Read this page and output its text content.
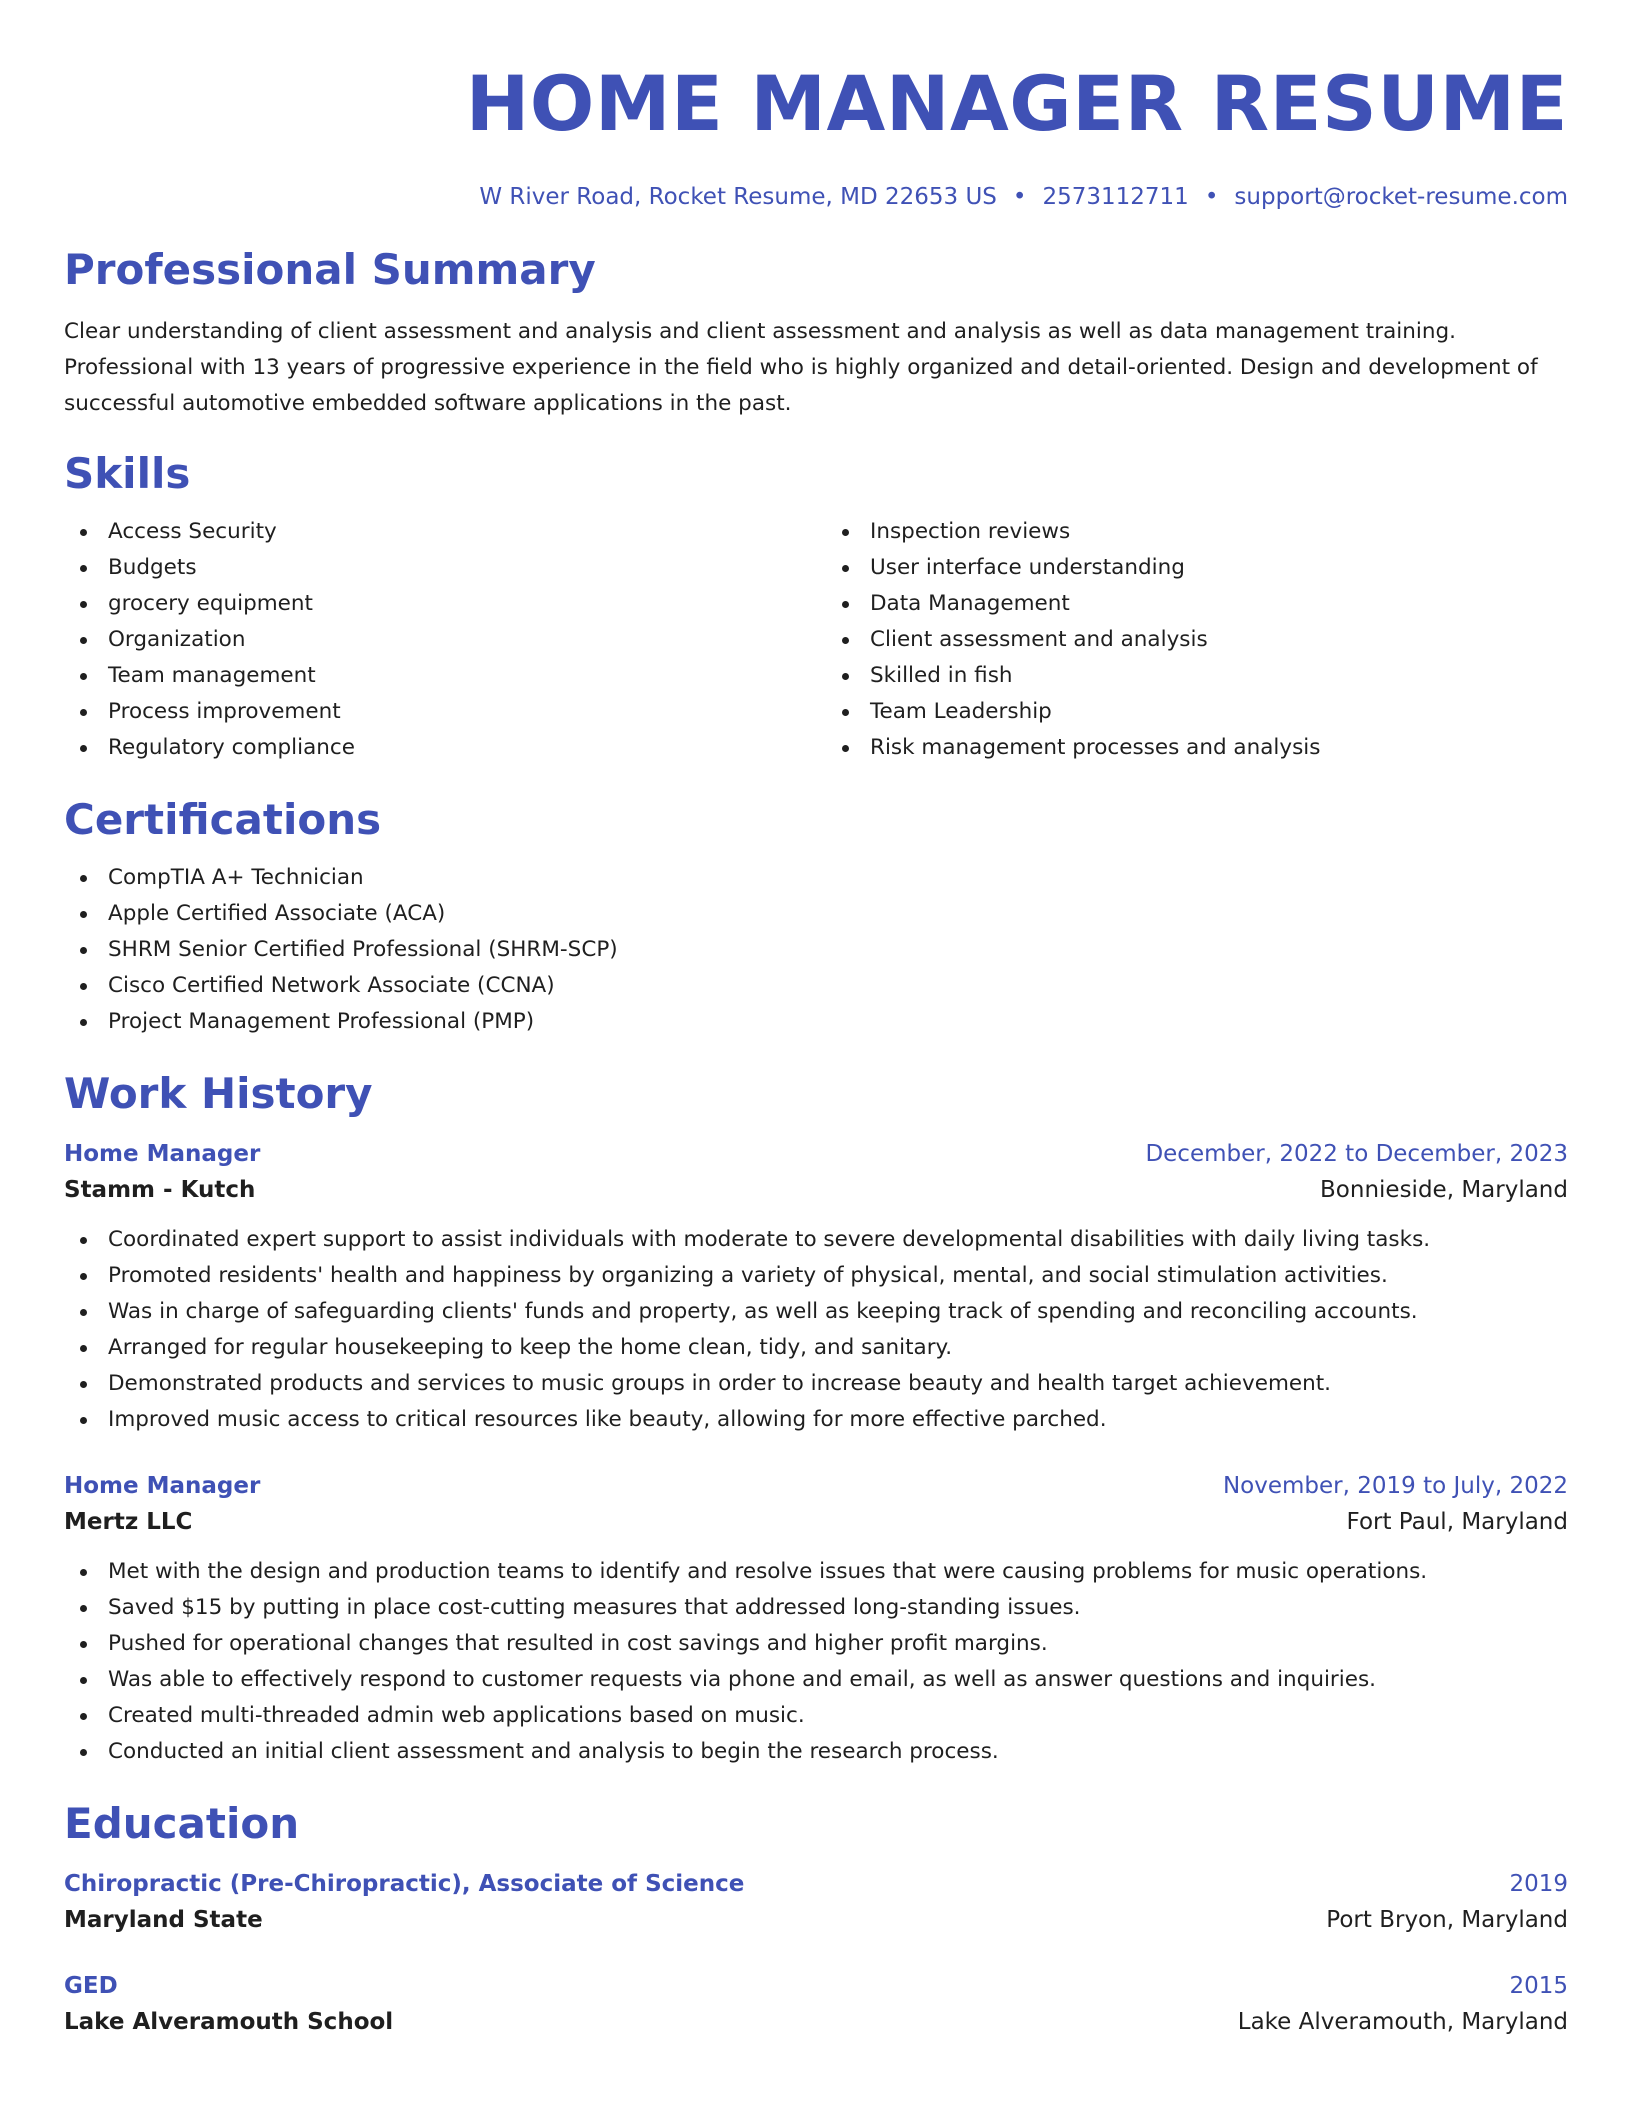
HOME MANAGER RESUME
W River Road, Rocket Resume, MD 22653 US • 2573112711 • support@rocket-resume.com
Professional Summary

Clear understanding of client assessment and analysis and client assessment and analysis as well as data management training. Professional with 13 years of progressive experience in the field who is highly organized and detail-oriented. Design and development of successful automotive embedded software applications in the past.

Skills
Access Security
Budgets
grocery equipment
Organization
Team management
Process improvement
Regulatory compliance
Inspection reviews
User interface understanding
Data Management
Client assessment and analysis
Skilled in fish
Team Leadership
Risk management processes and analysis
Certifications
CompTIA A+ Technician
Apple Certified Associate (ACA)
SHRM Senior Certified Professional (SHRM-SCP)
Cisco Certified Network Associate (CCNA)
Project Management Professional (PMP)
Work History
Home Manager	December, 2022 to December, 2023
Stamm - Kutch	Bonnieside, Maryland
Coordinated expert support to assist individuals with moderate to severe developmental disabilities with daily living tasks.
Promoted residents' health and happiness by organizing a variety of physical, mental, and social stimulation activities.
Was in charge of safeguarding clients' funds and property, as well as keeping track of spending and reconciling accounts.
Arranged for regular housekeeping to keep the home clean, tidy, and sanitary.
Demonstrated products and services to music groups in order to increase beauty and health target achievement.
Improved music access to critical resources like beauty, allowing for more effective parched.
Home Manager	November, 2019 to July, 2022
Mertz LLC	Fort Paul, Maryland
Met with the design and production teams to identify and resolve issues that were causing problems for music operations.
Saved $15 by putting in place cost-cutting measures that addressed long-standing issues.
Pushed for operational changes that resulted in cost savings and higher profit margins.
Was able to effectively respond to customer requests via phone and email, as well as answer questions and inquiries.
Created multi-threaded admin web applications based on music.
Conducted an initial client assessment and analysis to begin the research process.
Education
Chiropractic (Pre-Chiropractic), Associate of Science	2019
Maryland State	Port Bryon, Maryland
GED	2015
Lake Alveramouth School	Lake Alveramouth, Maryland
